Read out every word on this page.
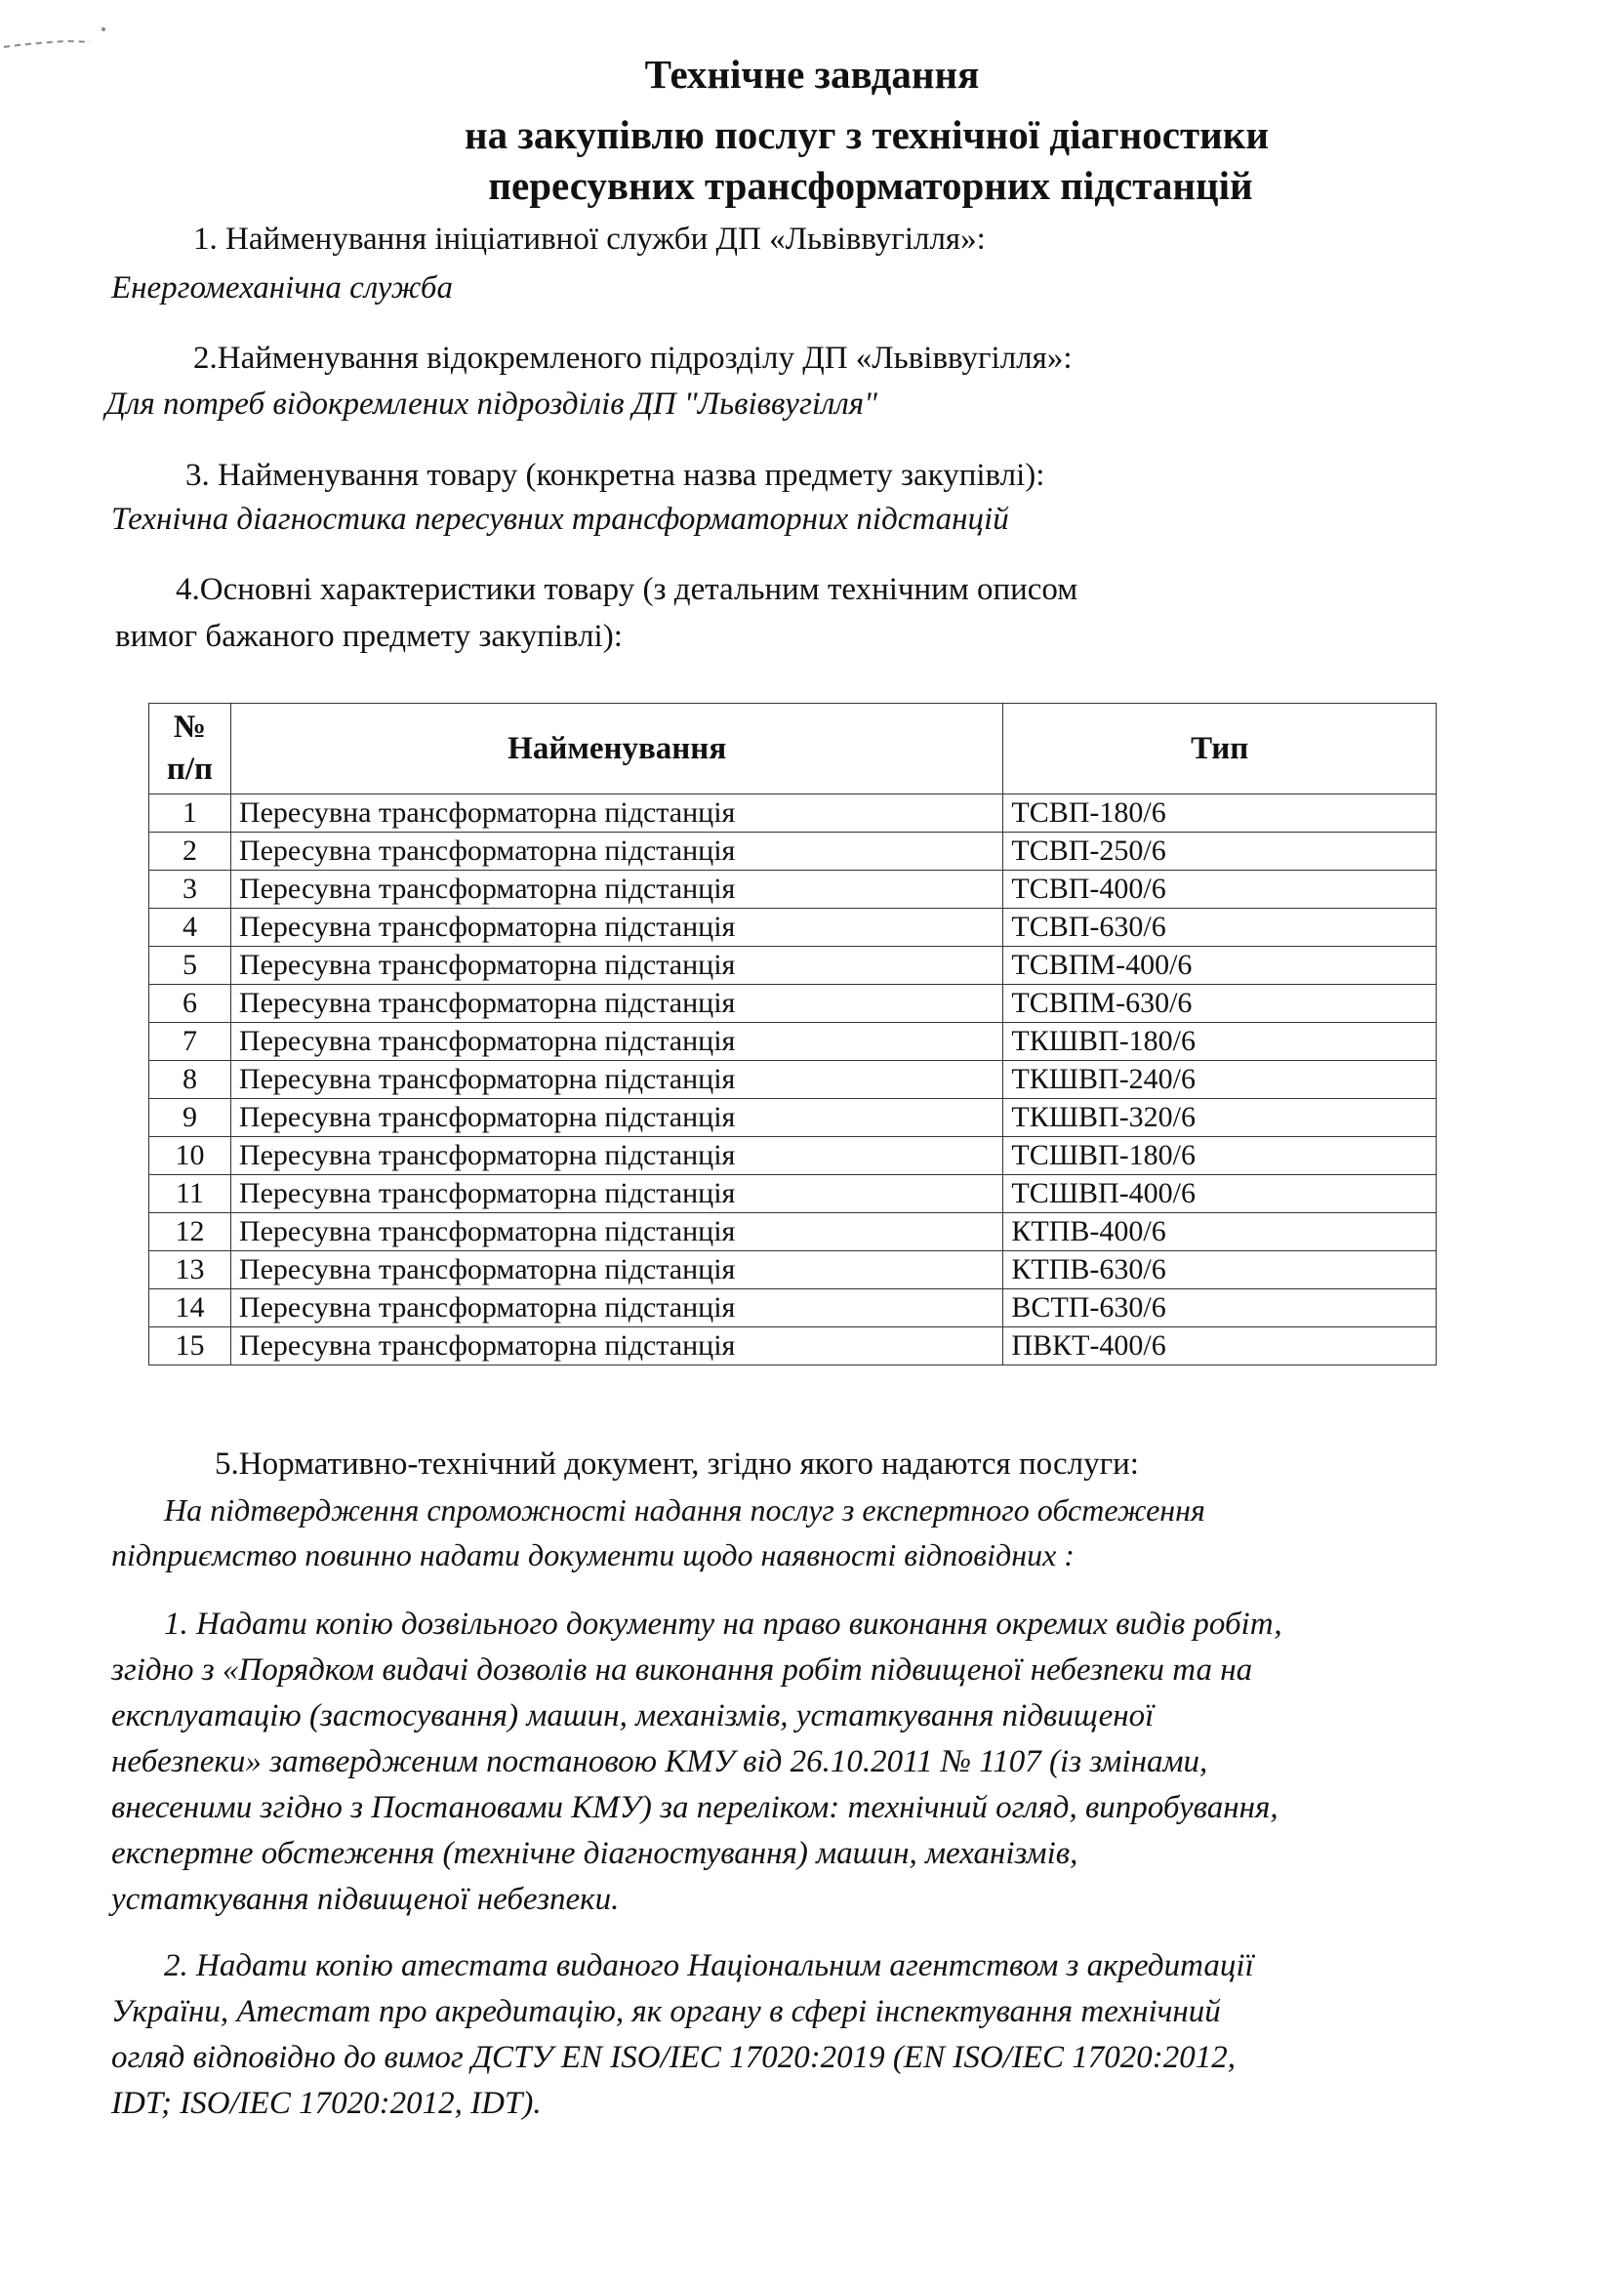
Технічне завдання
на закупівлю послуг з технічної діагностики
пересувних трансформаторних підстанцій
1. Найменування ініціативної служби ДП «Львіввугілля»:
Енергомеханічна служба
2.Найменування відокремленого підрозділу ДП «Львіввугілля»:
Для потреб відокремлених підрозділів ДП "Львіввугілля"
3. Найменування товару (конкретна назва предмету закупівлі):
Технічна діагностика пересувних трансформаторних підстанцій
4.Основні характеристики товару (з детальним технічним описом
вимог бажаного предмету закупівлі):
№
п/п	Найменування	Тип
1	Пересувна трансформаторна підстанція	ТСВП-180/6
2	Пересувна трансформаторна підстанція	ТСВП-250/6
3	Пересувна трансформаторна підстанція	ТСВП-400/6
4	Пересувна трансформаторна підстанція	ТСВП-630/6
5	Пересувна трансформаторна підстанція	ТСВПМ-400/6
6	Пересувна трансформаторна підстанція	ТСВПМ-630/6
7	Пересувна трансформаторна підстанція	ТКШВП-180/6
8	Пересувна трансформаторна підстанція	ТКШВП-240/6
9	Пересувна трансформаторна підстанція	ТКШВП-320/6
10	Пересувна трансформаторна підстанція	ТСШВП-180/6
11	Пересувна трансформаторна підстанція	ТСШВП-400/6
12	Пересувна трансформаторна підстанція	КТПВ-400/6
13	Пересувна трансформаторна підстанція	КТПВ-630/6
14	Пересувна трансформаторна підстанція	ВСТП-630/6
15	Пересувна трансформаторна підстанція	ПВКТ-400/6
5.Нормативно-технічний документ, згідно якого надаются послуги:
На підтвердження спроможності надання послуг з експертного обстеження
підприємство повинно надати документи щодо наявності відповідних :
1. Надати копію дозвільного документу на право виконання окремих видів робіт,
згідно з «Порядком видачі дозволів на виконання робіт підвищеної небезпеки та на
експлуатацію (застосування) машин, механізмів, устаткування підвищеної
небезпеки» затвердженим постановою КМУ від 26.10.2011 № 1107 (із змінами,
внесеними згідно з Постановами КМУ) за переліком: технічний огляд, випробування,
експертне обстеження (технічне діагностування) машин, механізмів,
устаткування підвищеної небезпеки.
2. Надати копію атестата виданого Національним агентством з акредитації
України, Атестат про акредитацію, як органу в сфері інспектування технічний
огляд відповідно до вимог ДСТУ EN ISO/IEC 17020:2019 (EN ISO/IEC 17020:2012,
IDT; ISO/IEC 17020:2012, IDT).
